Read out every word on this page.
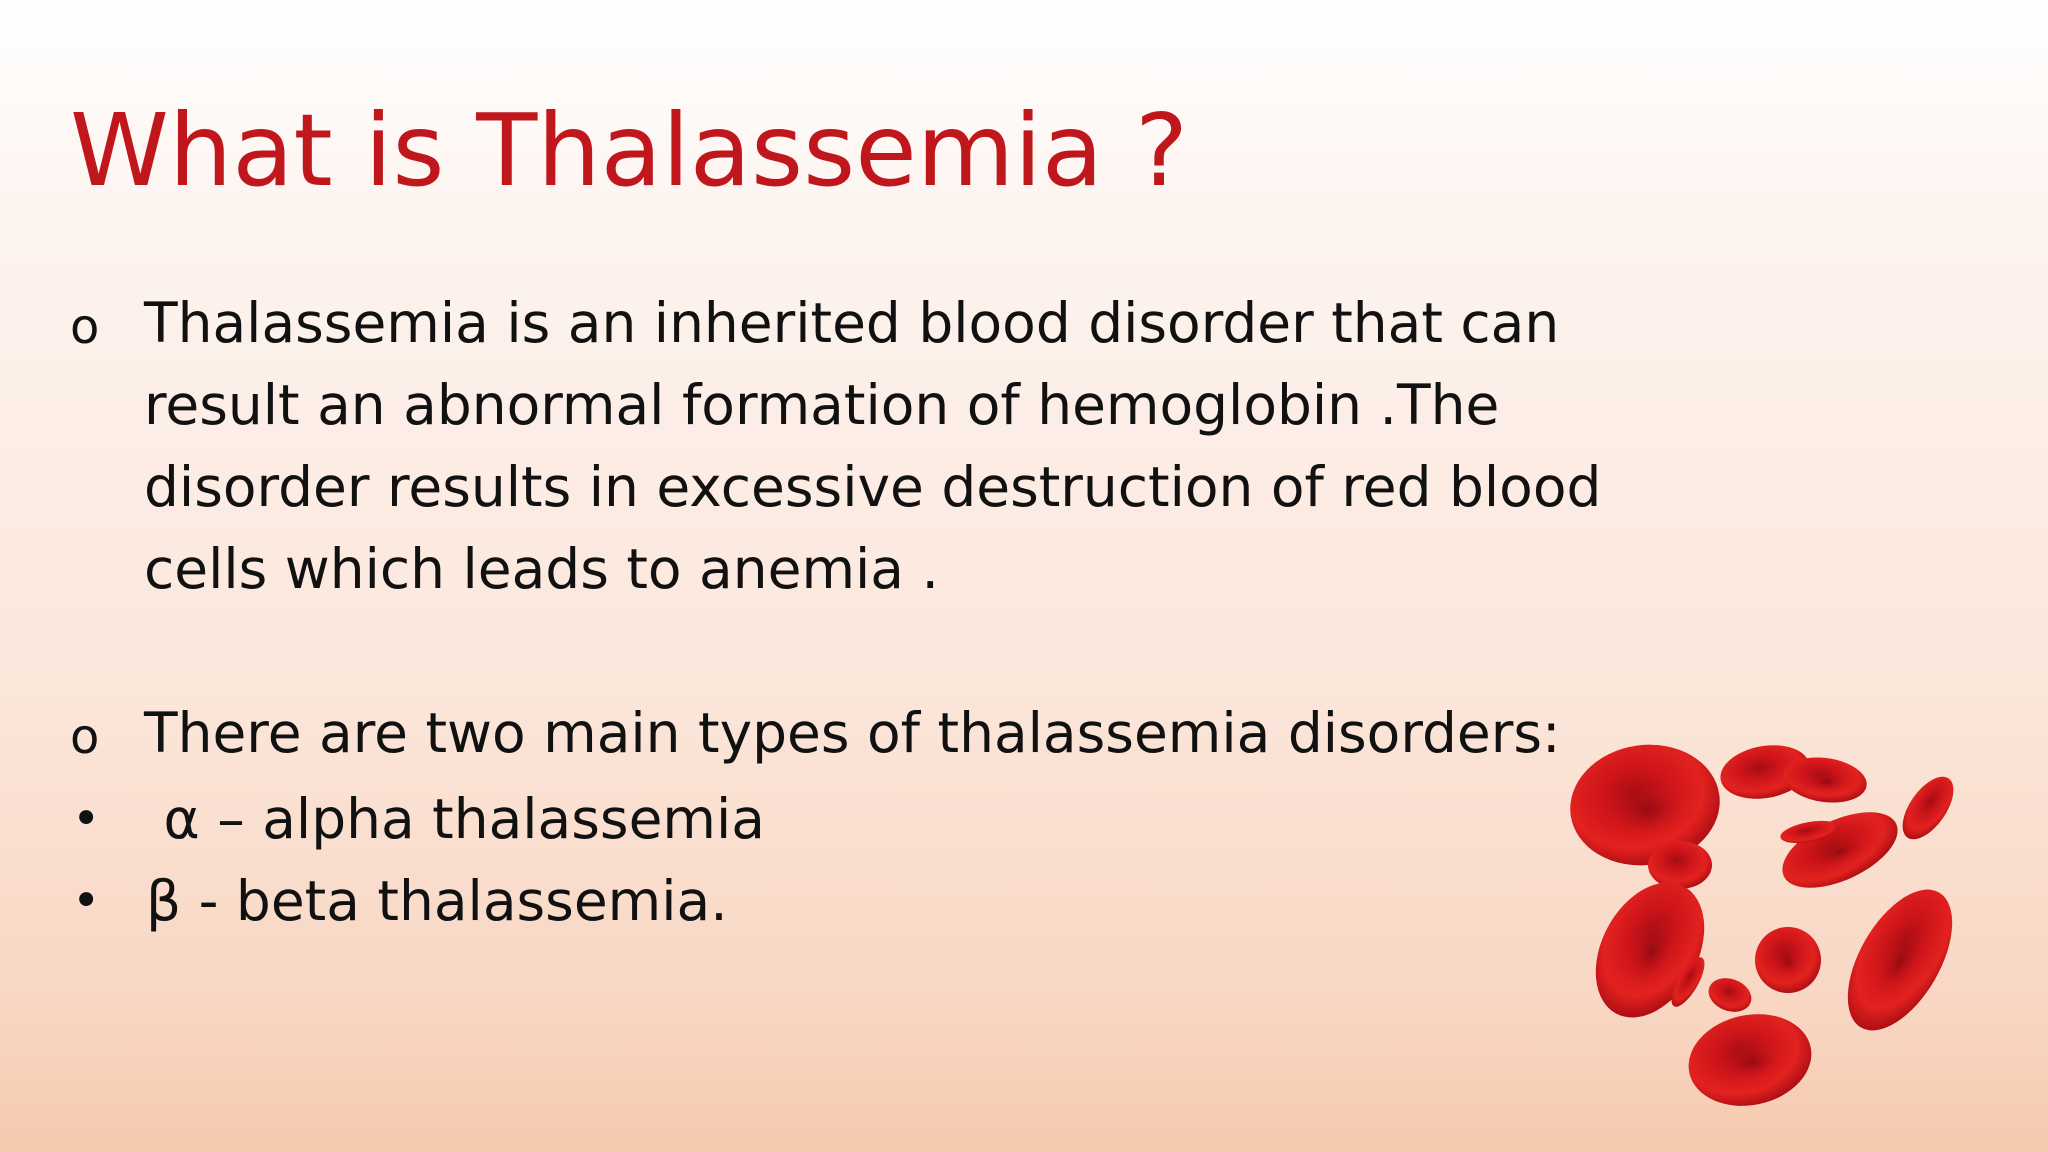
What is Thalassemia ?
o Thalassemia is an inherited blood disorder that can
result an abnormal formation of hemoglobin .The
disorder results in excessive destruction of red blood
cells which leads to anemia .
o There are two main types of thalassemia disorders:
• α – alpha thalassemia
• β - beta thalassemia.
